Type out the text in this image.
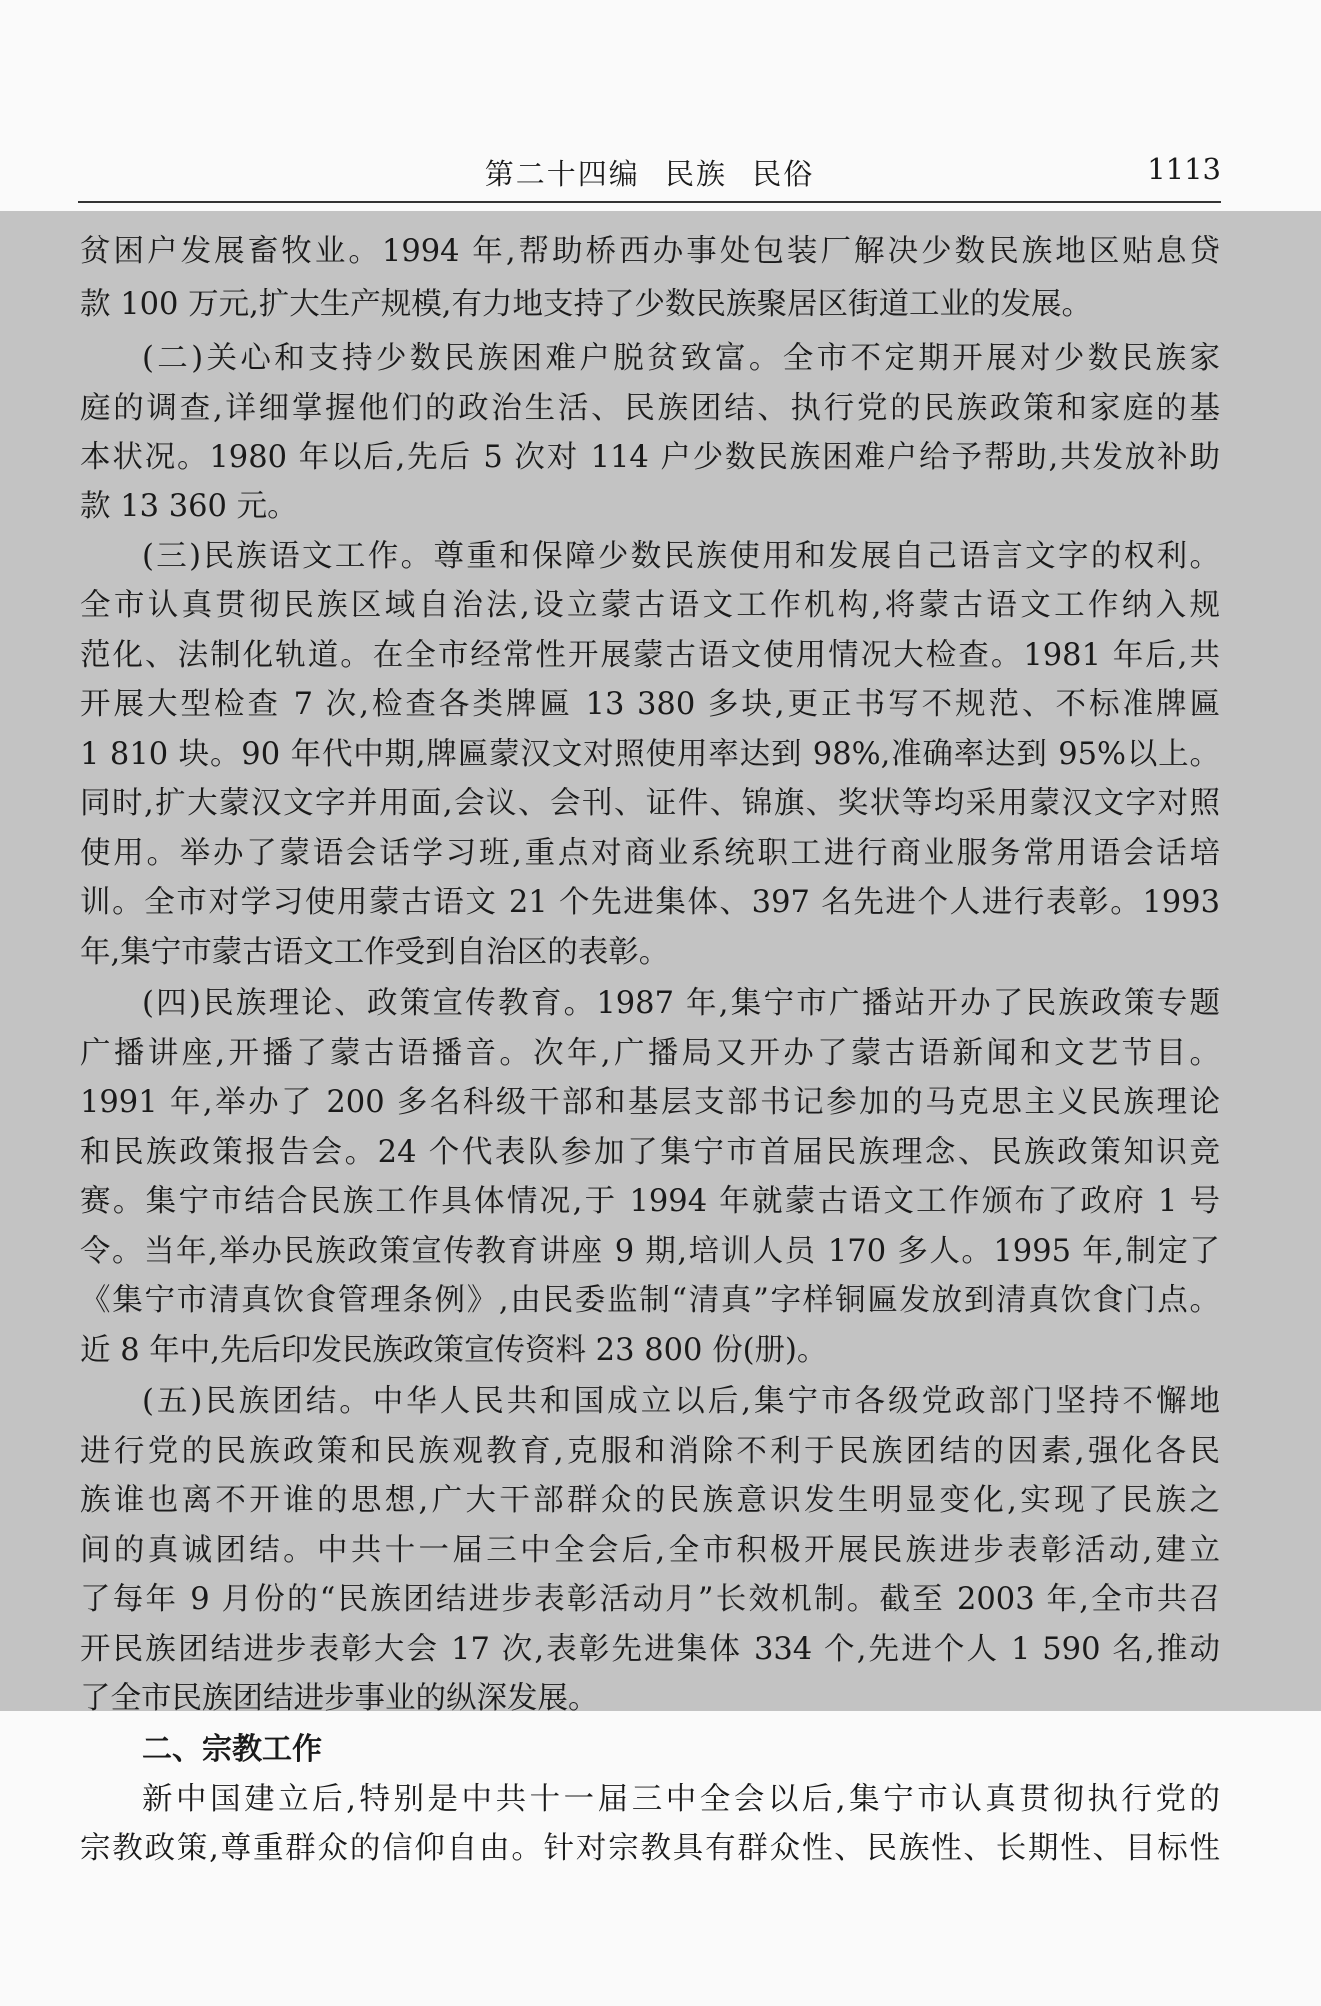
第二十四编 民族 民俗	1113
贫困户发展畜牧业。1994 年,帮助桥西办事处包装厂解决少数民族地区贴息贷
款 100 万元,扩大生产规模,有力地支持了少数民族聚居区街道工业的发展。
(二)关心和支持少数民族困难户脱贫致富。全市不定期开展对少数民族家
庭的调查,详细掌握他们的政治生活、民族团结、执行党的民族政策和家庭的基
本状况。1980 年以后,先后 5 次对 114 户少数民族困难户给予帮助,共发放补助
款 13 360 元。
(三)民族语文工作。尊重和保障少数民族使用和发展自己语言文字的权利。
全市认真贯彻民族区域自治法,设立蒙古语文工作机构,将蒙古语文工作纳入规
范化、法制化轨道。在全市经常性开展蒙古语文使用情况大检查。1981 年后,共
开展大型检查 7 次,检查各类牌匾 13 380 多块,更正书写不规范、不标准牌匾
1 810 块。90 年代中期,牌匾蒙汉文对照使用率达到 98%,准确率达到 95%以上。
同时,扩大蒙汉文字并用面,会议、会刊、证件、锦旗、奖状等均采用蒙汉文字对照
使用。举办了蒙语会话学习班,重点对商业系统职工进行商业服务常用语会话培
训。全市对学习使用蒙古语文 21 个先进集体、397 名先进个人进行表彰。1993
年,集宁市蒙古语文工作受到自治区的表彰。
(四)民族理论、政策宣传教育。1987 年,集宁市广播站开办了民族政策专题
广播讲座,开播了蒙古语播音。次年,广播局又开办了蒙古语新闻和文艺节目。
1991 年,举办了 200 多名科级干部和基层支部书记参加的马克思主义民族理论
和民族政策报告会。24 个代表队参加了集宁市首届民族理念、民族政策知识竞
赛。集宁市结合民族工作具体情况,于 1994 年就蒙古语文工作颁布了政府 1 号
令。当年,举办民族政策宣传教育讲座 9 期,培训人员 170 多人。1995 年,制定了
《集宁市清真饮食管理条例》,由民委监制“清真”字样铜匾发放到清真饮食门点。
近 8 年中,先后印发民族政策宣传资料 23 800 份(册)。
(五)民族团结。中华人民共和国成立以后,集宁市各级党政部门坚持不懈地
进行党的民族政策和民族观教育,克服和消除不利于民族团结的因素,强化各民
族谁也离不开谁的思想,广大干部群众的民族意识发生明显变化,实现了民族之
间的真诚团结。中共十一届三中全会后,全市积极开展民族进步表彰活动,建立
了每年 9 月份的“民族团结进步表彰活动月”长效机制。截至 2003 年,全市共召
开民族团结进步表彰大会 17 次,表彰先进集体 334 个,先进个人 1 590 名,推动
了全市民族团结进步事业的纵深发展。
二、宗教工作
新中国建立后,特别是中共十一届三中全会以后,集宁市认真贯彻执行党的
宗教政策,尊重群众的信仰自由。针对宗教具有群众性、民族性、长期性、目标性
